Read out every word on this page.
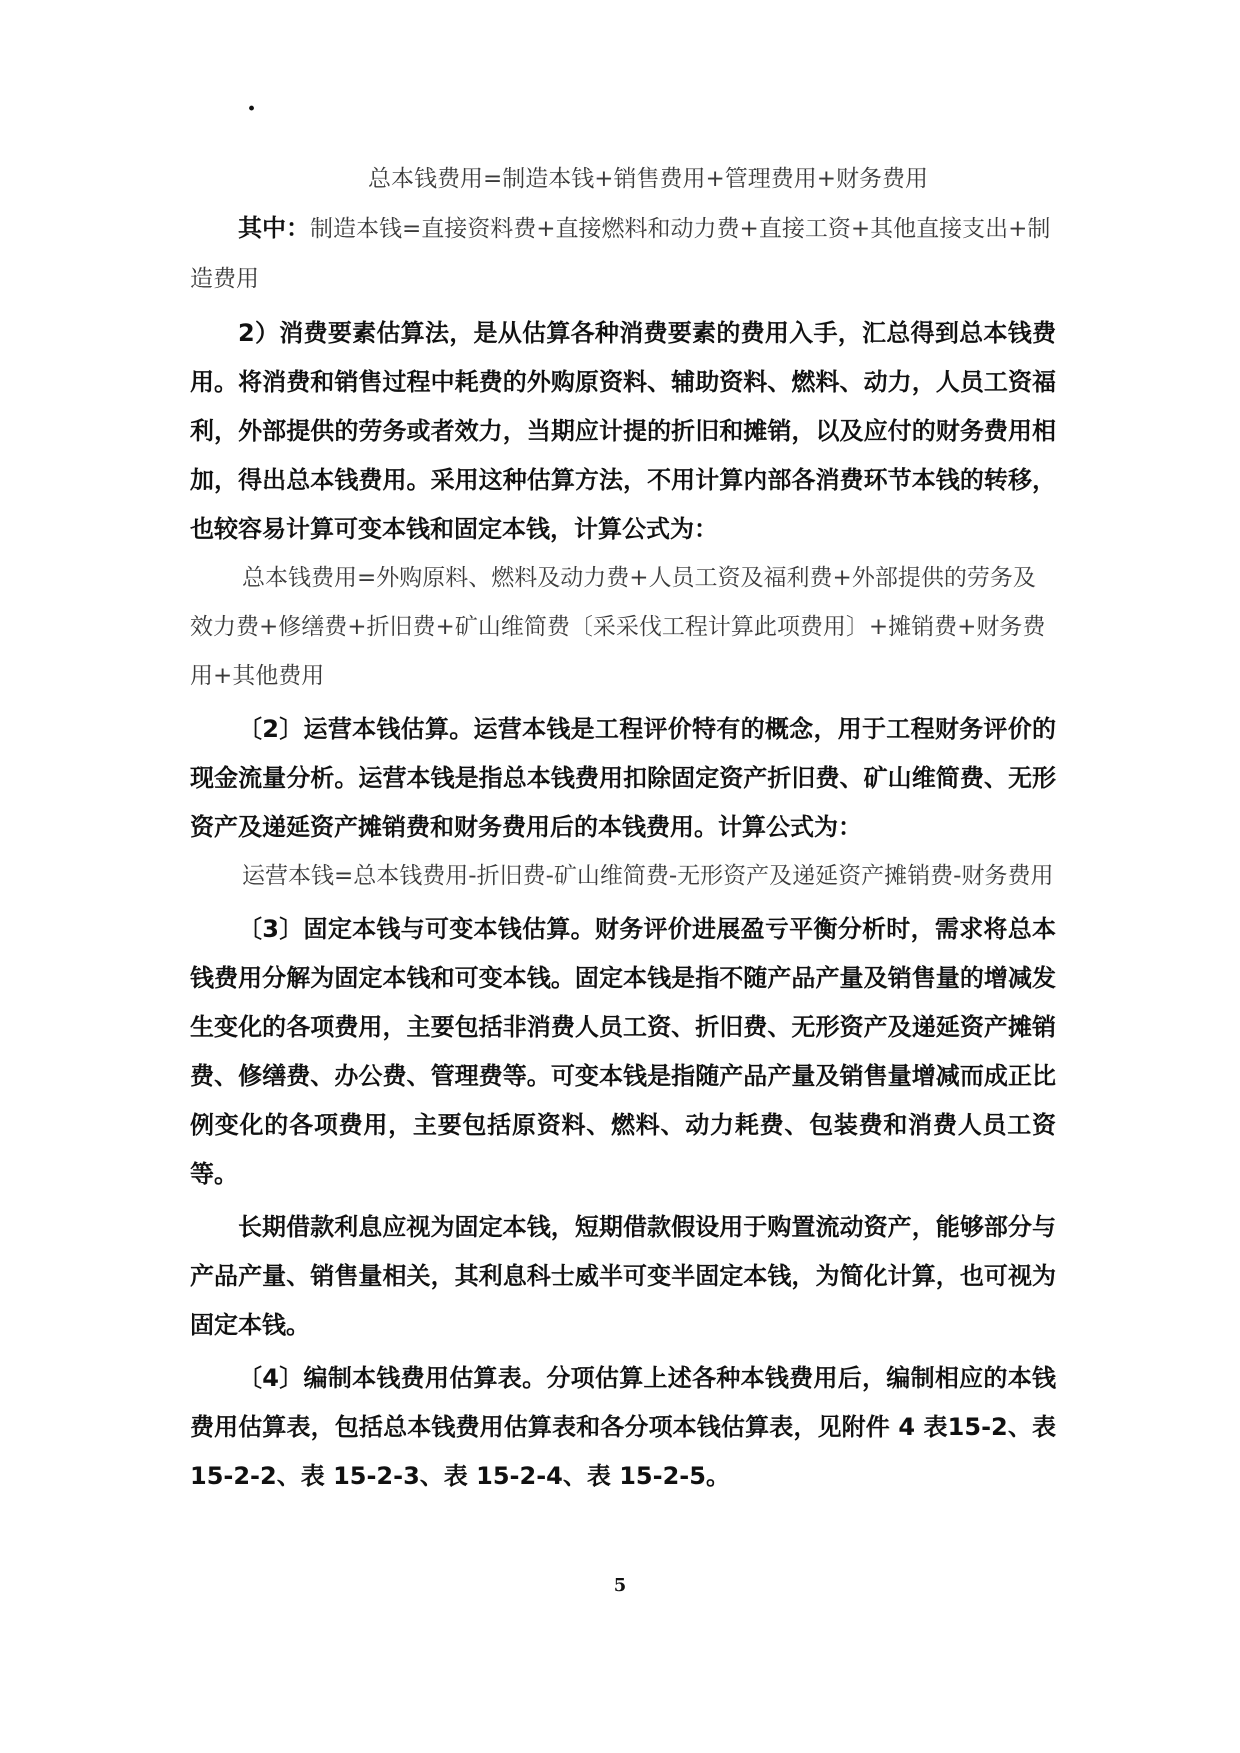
·

总本钱费用=制造本钱+销售费用+管理费用+财务费用

其中：制造本钱=直接资料费+直接燃料和动力费+直接工资+其他直接支出+制造费用

2）消费要素估算法，是从估算各种消费要素的费用入手，汇总得到总本钱费用。将消费和销售过程中耗费的外购原资料、辅助资料、燃料、动力，人员工资福利，外部提供的劳务或者效力，当期应计提的折旧和摊销，以及应付的财务费用相加，得出总本钱费用。采用这种估算方法，不用计算内部各消费环节本钱的转移，也较容易计算可变本钱和固定本钱，计算公式为：

总本钱费用=外购原料、燃料及动力费+人员工资及福利费+外部提供的劳务及效力费+修缮费+折旧费+矿山维简费〔采采伐工程计算此项费用〕+摊销费+财务费用+其他费用

〔2〕运营本钱估算。运营本钱是工程评价特有的概念，用于工程财务评价的现金流量分析。运营本钱是指总本钱费用扣除固定资产折旧费、矿山维简费、无形资产及递延资产摊销费和财务费用后的本钱费用。计算公式为：

运营本钱=总本钱费用-折旧费-矿山维简费-无形资产及递延资产摊销费-财务费用

〔3〕固定本钱与可变本钱估算。财务评价进展盈亏平衡分析时，需求将总本钱费用分解为固定本钱和可变本钱。固定本钱是指不随产品产量及销售量的增减发生变化的各项费用，主要包括非消费人员工资、折旧费、无形资产及递延资产摊销费、修缮费、办公费、管理费等。可变本钱是指随产品产量及销售量增减而成正比例变化的各项费用，主要包括原资料、燃料、动力耗费、包装费和消费人员工资等。

长期借款利息应视为固定本钱，短期借款假设用于购置流动资产，能够部分与产品产量、销售量相关，其利息科士威半可变半固定本钱，为简化计算，也可视为固定本钱。

〔4〕编制本钱费用估算表。分项估算上述各种本钱费用后，编制相应的本钱费用估算表，包括总本钱费用估算表和各分项本钱估算表，见附件 4 表15-2、表 15-2-2、表 15-2-3、表 15-2-4、表 15-2-5。

5
